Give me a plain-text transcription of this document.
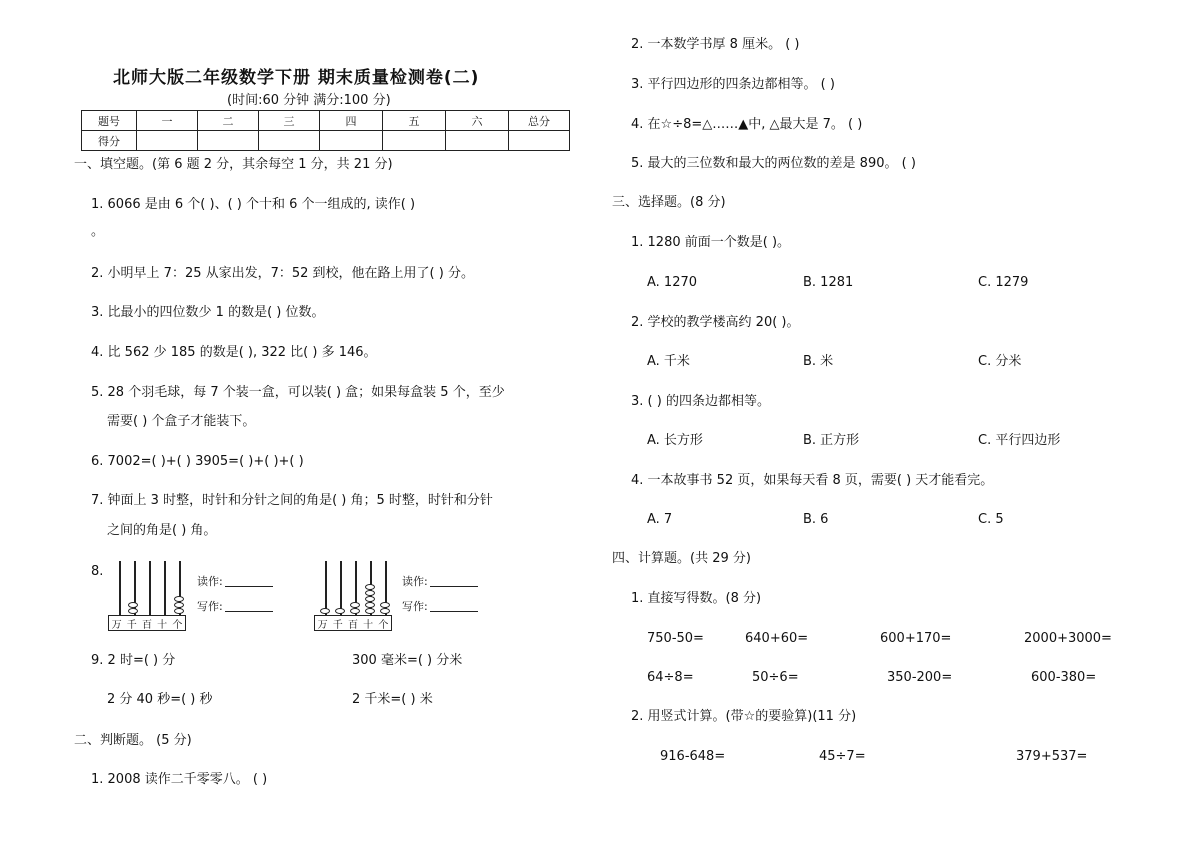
北师大版二年级数学下册 期末质量检测卷(二)
(时间:60 分钟 满分:100 分)
题号	一	二	三	四	五	六	总分
得分							
一、填空题。(第 6 题 2 分，其余每空 1 分，共 21 分)
1. 6066 是由 6 个( )、( ) 个十和 6 个一组成的, 读作( )
。
2. 小明早上 7：25 从家出发，7：52 到校，他在路上用了( ) 分。
3. 比最小的四位数少 1 的数是( ) 位数。
4. 比 562 少 185 的数是( ), 322 比( ) 多 146。
5. 28 个羽毛球，每 7 个装一盒，可以装( ) 盒；如果每盒装 5 个，至少
需要( ) 个盒子才能装下。
6. 7002=( )+( ) 3905=( )+( )+( )
7. 钟面上 3 时整，时针和分针之间的角是( ) 角；5 时整，时针和分针
之间的角是( ) 角。
8.
万 千 百 十 个
读作:
写作:
万 千 百 十 个
读作:
写作:
9. 2 时=( ) 分	300 毫米=( ) 分米
2 分 40 秒=( ) 秒	2 千米=( ) 米
二、判断题。 (5 分)
1. 2008 读作二千零零八。 ( )
2. 一本数学书厚 8 厘米。 ( )
3. 平行四边形的四条边都相等。 ( )
4. 在☆÷8=△……▲中, △最大是 7。 ( )
5. 最大的三位数和最大的两位数的差是 890。 ( )
三、选择题。(8 分)
1. 1280 前面一个数是( )。
A. 1270	B. 1281	C. 1279
2. 学校的教学楼高约 20( )。
A. 千米	B. 米	C. 分米
3. ( ) 的四条边都相等。
A. 长方形	B. 正方形	C. 平行四边形
4. 一本故事书 52 页，如果每天看 8 页，需要( ) 天才能看完。
A. 7	B. 6	C. 5
四、计算题。(共 29 分)
1. 直接写得数。(8 分)
750-50=	640+60=	600+170=	2000+3000=
64÷8=	50÷6=	350-200=	600-380=
2. 用竖式计算。(带☆的要验算)(11 分)
916-648=	45÷7=	379+537=
